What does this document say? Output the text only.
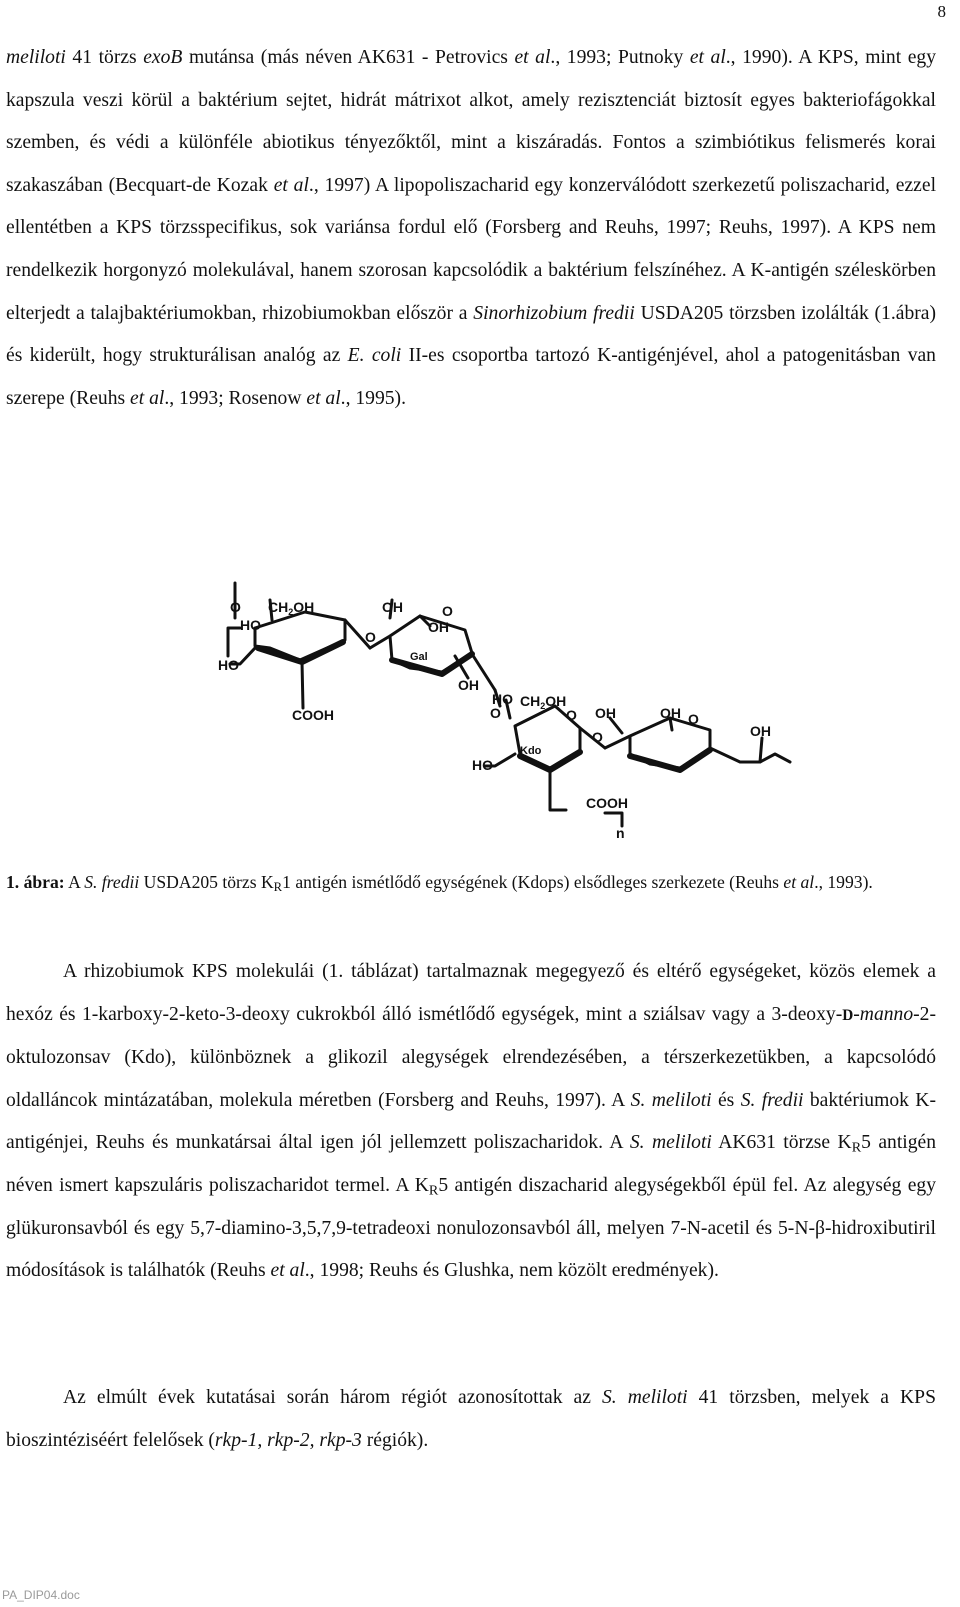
8

meliloti 41 törzs exoB mutánsa (más néven AK631 - Petrovics et al., 1993; Putnoky et al., 1990). A KPS, mint egy kapszula veszi körül a baktérium sejtet, hidrát mátrixot alkot, amely rezisztenciát biztosít egyes bakteriofágokkal szemben, és védi a különféle abiotikus tényezőktől, mint a kiszáradás. Fontos a szimbiótikus felismerés korai szakaszában (Becquart-de Kozak et al., 1997) A lipopoliszacharid egy konzerválódott szerkezetű poliszacharid, ezzel ellentétben a KPS törzsspecifikus, sok variánsa fordul elő (Forsberg and Reuhs, 1997; Reuhs, 1997). A KPS nem rendelkezik horgonyzó molekulával, hanem szorosan kapcsolódik a baktérium felszínéhez. A K-antigén széleskörben elterjedt a talajbaktériumokban, rhizobiumokban először a Sinorhizobium fredii USDA205 törzsben izolálták (1.ábra) és kiderült, hogy strukturálisan analóg az E. coli II-es csoportba tartozó K-antigénjével, ahol a patogenitásban van szerepe (Reuhs et al., 1993; Rosenow et al., 1995).

O
HO
$CH_2OH$
HO
COOH
OH
O
OH
O
Gal
OH
O
HO $CH_2OH$
O
Kdo
HO
O
OH	OH O
OH
COOH
n

1. ábra: A S. fredii USDA205 törzs $K_R1$ antigén ismétlődő egységének (Kdops) elsődleges szerkezete (Reuhs et al., 1993).

A rhizobiumok KPS molekulái (1. táblázat) tartalmaznak megegyező és eltérő egységeket, közös elemek a hexóz és 1-karboxy-2-keto-3-deoxy cukrokból álló ismétlődő egységek, mint a sziálsav vagy a 3-deoxy-D-manno-2-oktulozonsav (Kdo), különböznek a glikozil alegységek elrendezésében, a térszerkezetükben, a kapcsolódó oldalláncok mintázatában, molekula méretben (Forsberg and Reuhs, 1997). A S. meliloti és S. fredii baktériumok K-antigénjei, Reuhs és munkatársai által igen jól jellemzett poliszacharidok. A S. meliloti AK631 törzse $K_R5$ antigén néven ismert kapszuláris poliszacharidot termel. A $K_R5$ antigén diszacharid alegységekből épül fel. Az alegység egy glükuronsavból és egy 5,7-diamino-3,5,7,9-tetradeoxi nonulozonsavból áll, melyen 7-N-acetil és 5-N-β-hidroxibutiril módosítások is találhatók (Reuhs et al., 1998; Reuhs és Glushka, nem közölt eredmények).

Az elmúlt évek kutatásai során három régiót azonosítottak az S. meliloti 41 törzsben, melyek a KPS bioszintéziséért felelősek (rkp-1, rkp-2, rkp-3 régiók).

PA_DIP04.doc
